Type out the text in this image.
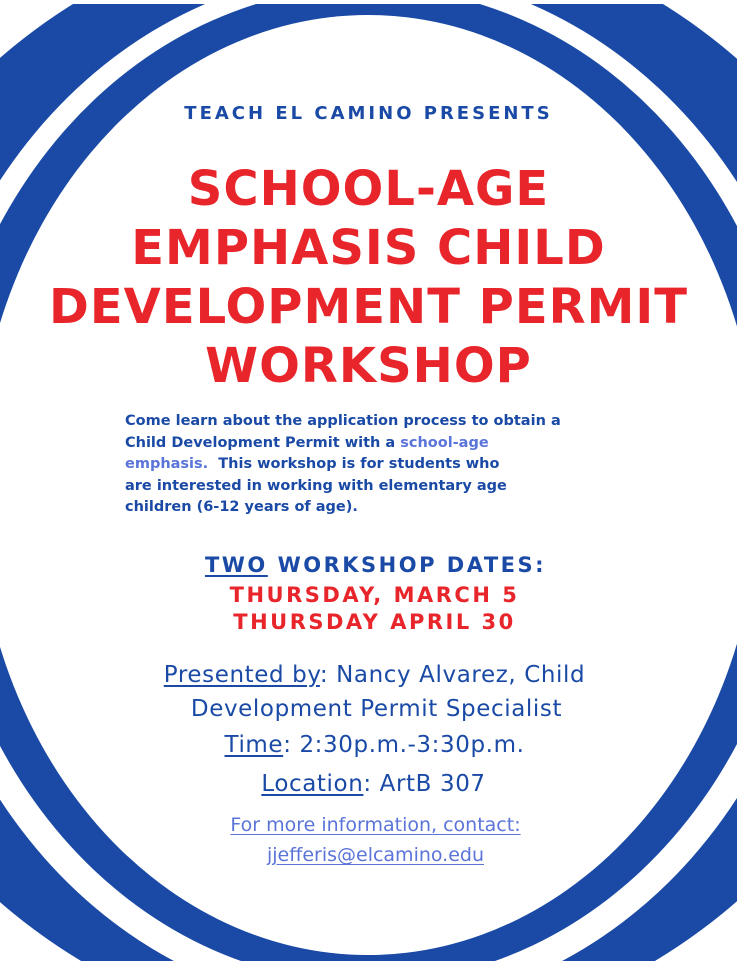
TEACH EL CAMINO PRESENTS
SCHOOL-AGE
EMPHASIS CHILD
DEVELOPMENT PERMIT
WORKSHOP
Come learn about the application process to obtain a
Child Development Permit with a school-age
emphasis.  This workshop is for students who
are interested in working with elementary age
children (6-12 years of age).
TWO WORKSHOP DATES:
THURSDAY, MARCH 5
THURSDAY APRIL 30
Presented by: Nancy Alvarez, Child
Development Permit Specialist
Time: 2:30p.m.-3:30p.m.
Location: ArtB 307
For more information, contact:
jjefferis@elcamino.edu
